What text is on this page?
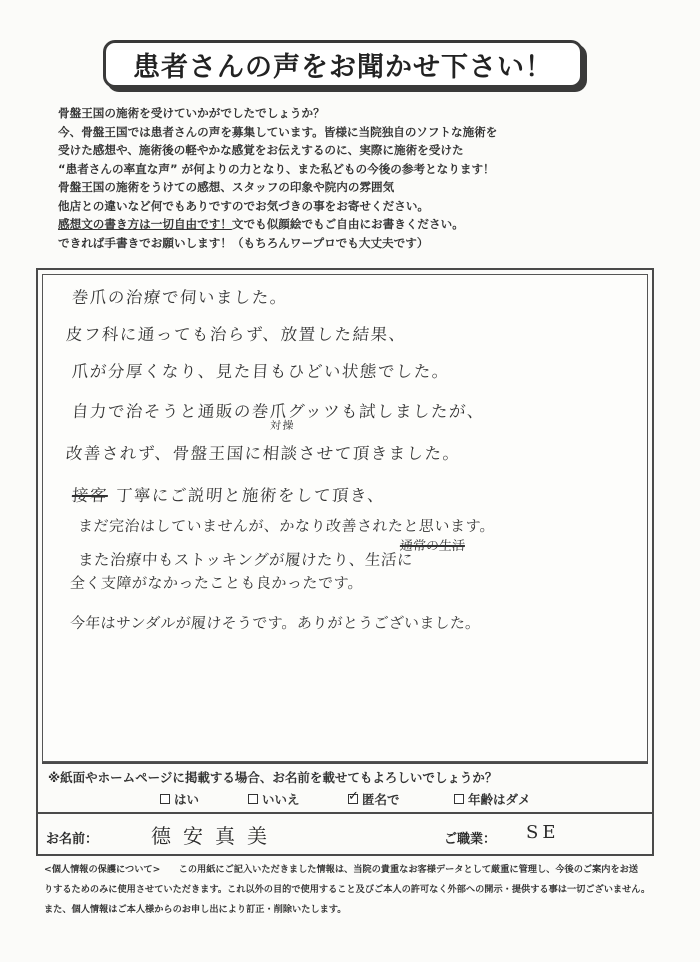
患者さんの声をお聞かせ下さい！
骨盤王国の施術を受けていかがでしたでしょうか？
今、骨盤王国では患者さんの声を募集しています。皆様に当院独自のソフトな施術を
受けた感想や、施術後の軽やかな感覚をお伝えするのに、実際に施術を受けた
“患者さんの率直な声” が何よりの力となり、また私どもの今後の参考となります！
骨盤王国の施術をうけての感想、スタッフの印象や院内の雰囲気
他店との違いなど何でもありですのでお気づきの事をお寄せください。
感想文の書き方は一切自由です！文でも似顔絵でもご自由にお書きください。
できれば手書きでお願いします！（もちろんワープロでも大丈夫です）
巻爪の治療で伺いました。
皮フ科に通っても治らず、放置した結果、
爪が分厚くなり、見た目もひどい状態でした。
自力で治そうと通販の巻爪グッツも試しましたが、
対操
改善されず、骨盤王国に相談させて頂きました。
接客 丁寧にご説明と施術をして頂き、
まだ完治はしていませんが、かなり改善されたと思います。
また治療中もストッキングが履けたり、生活に
通常の生活
全く支障がなかったことも良かったです。
今年はサンダルが履けそうです。ありがとうございました。
※紙面やホームページに掲載する場合、お名前を載せてもよろしいでしょうか？
はい	いいえ
✓	匿名で	年齢はダメ
お名前：	德安真美	ご職業： SE
<個人情報の保護について>　　この用紙にご記入いただきました情報は、当院の貴重なお客様データとして厳重に管理し、今後のご案内をお送
りするためのみに使用させていただきます。これ以外の目的で使用すること及びご本人の許可なく外部への開示・提供する事は一切ございません。
また、個人情報はご本人様からのお申し出により訂正・削除いたします。
